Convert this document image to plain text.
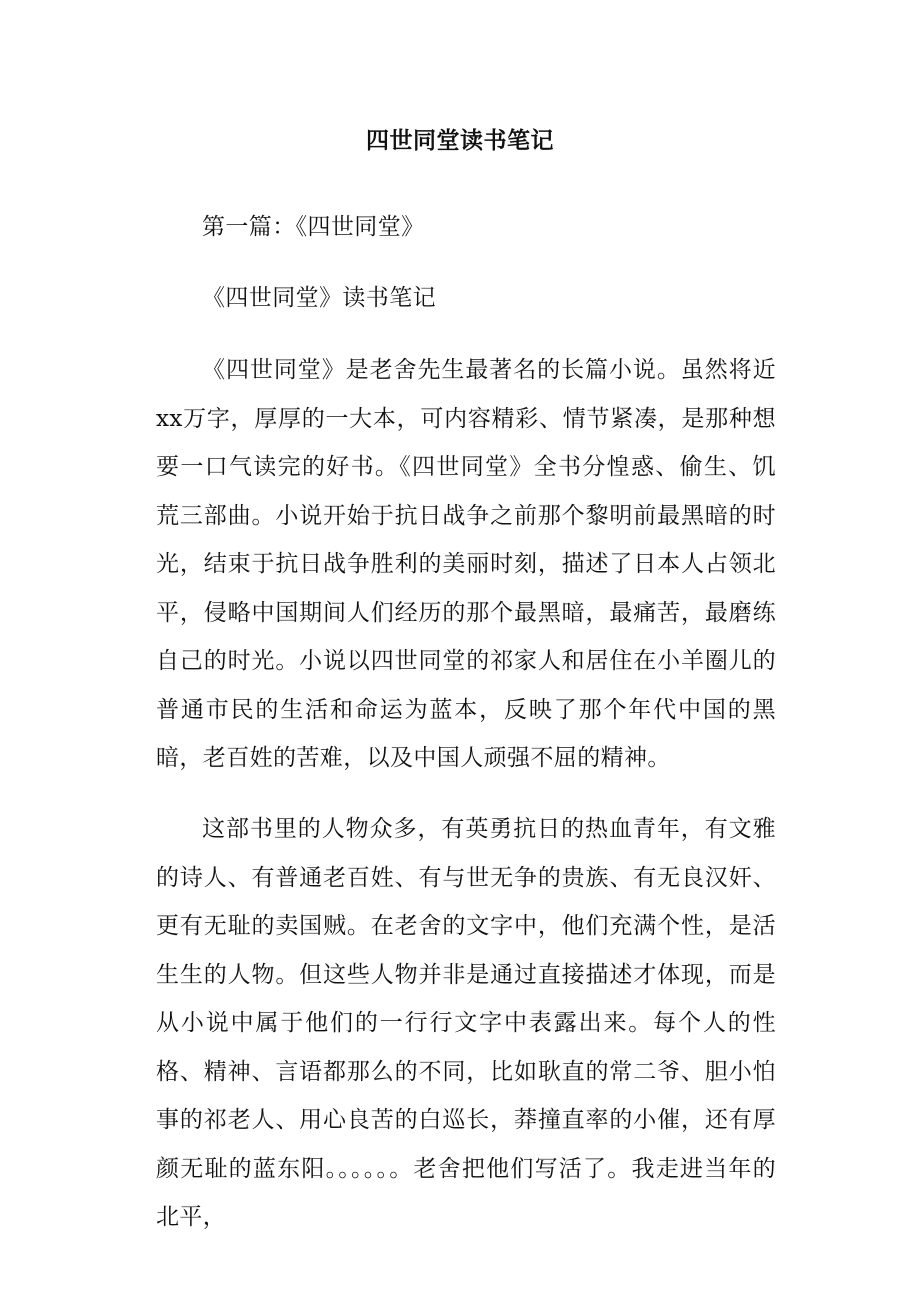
四世同堂读书笔记

第一篇：《四世同堂》

《四世同堂》读书笔记

《四世同堂》是老舍先生最著名的长篇小说。虽然将近xx万字，厚厚的一大本，可内容精彩、情节紧凑，是那种想要一口气读完的好书。《四世同堂》全书分惶惑、偷生、饥荒三部曲。小说开始于抗日战争之前那个黎明前最黑暗的时光，结束于抗日战争胜利的美丽时刻，描述了日本人占领北平，侵略中国期间人们经历的那个最黑暗，最痛苦，最磨练自己的时光。小说以四世同堂的祁家人和居住在小羊圈儿的普通市民的生活和命运为蓝本，反映了那个年代中国的黑暗，老百姓的苦难，以及中国人顽强不屈的精神。

这部书里的人物众多，有英勇抗日的热血青年，有文雅的诗人、有普通老百姓、有与世无争的贵族、有无良汉奸、更有无耻的卖国贼。在老舍的文字中，他们充满个性，是活生生的人物。但这些人物并非是通过直接描述才体现，而是从小说中属于他们的一行行文字中表露出来。每个人的性格、精神、言语都那么的不同，比如耿直的常二爷、胆小怕事的祁老人、用心良苦的白巡长，莽撞直率的小催，还有厚颜无耻的蓝东阳。。。。。。老舍把他们写活了。我走进当年的北平，
